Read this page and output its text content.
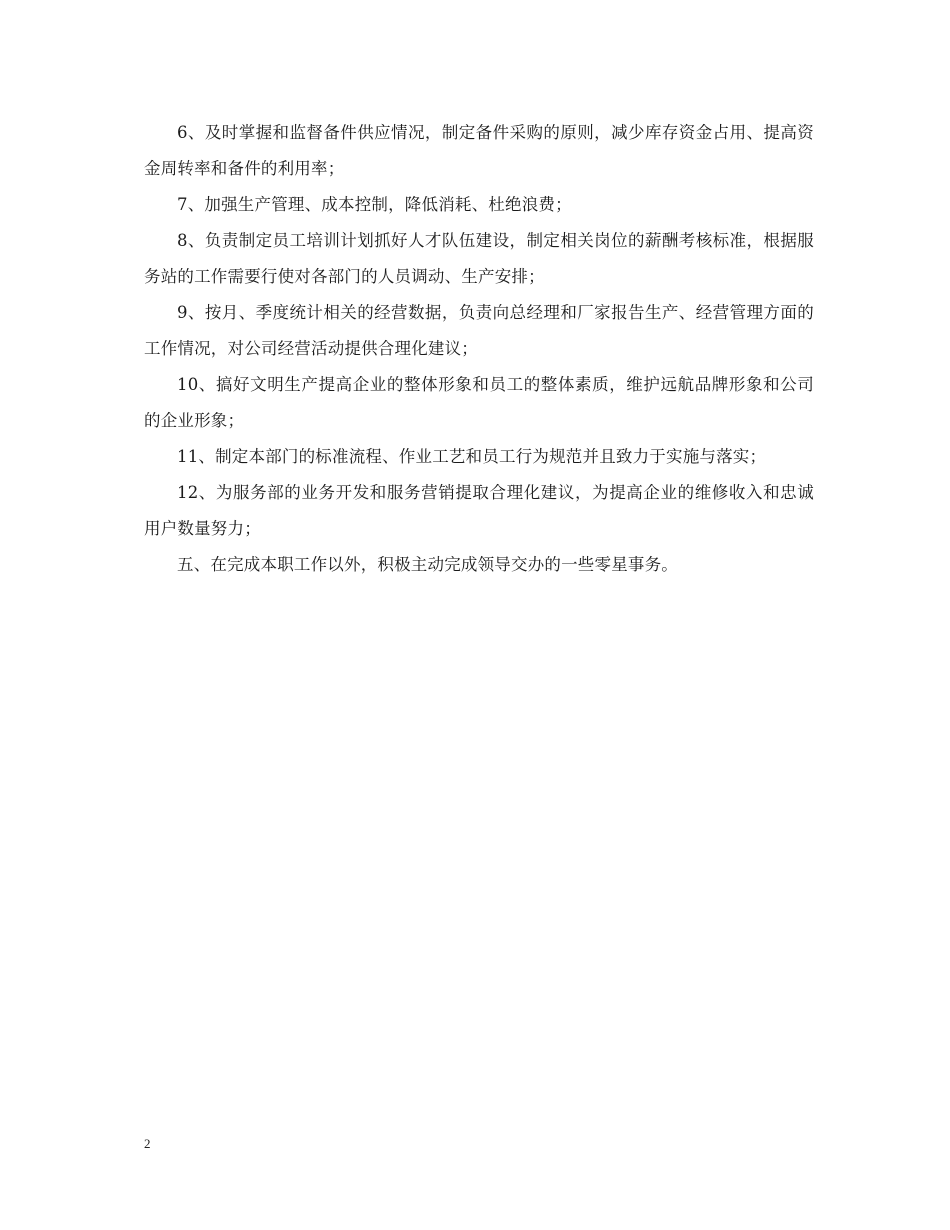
6、及时掌握和监督备件供应情况，制定备件采购的原则，减少库存资金占用、提高资金周转率和备件的利用率；

7、加强生产管理、成本控制，降低消耗、杜绝浪费；

8、负责制定员工培训计划抓好人才队伍建设，制定相关岗位的薪酬考核标准，根据服务站的工作需要行使对各部门的人员调动、生产安排；

9、按月、季度统计相关的经营数据，负责向总经理和厂家报告生产、经营管理方面的工作情况，对公司经营活动提供合理化建议；

10、搞好文明生产提高企业的整体形象和员工的整体素质，维护远航品牌形象和公司的企业形象；

11、制定本部门的标准流程、作业工艺和员工行为规范并且致力于实施与落实；

12、为服务部的业务开发和服务营销提取合理化建议，为提高企业的维修收入和忠诚用户数量努力；

五、在完成本职工作以外，积极主动完成领导交办的一些零星事务。

2
